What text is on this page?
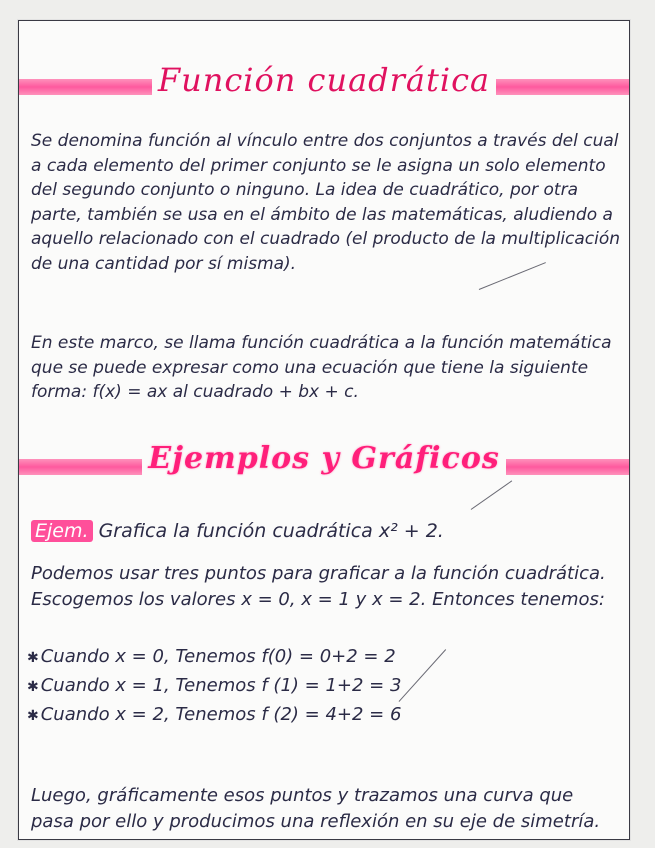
Función cuadrática
Se denomina función al vínculo entre dos conjuntos a través del cual a cada elemento del primer conjunto se le asigna un solo elemento del segundo conjunto o ninguno. La idea de cuadrático, por otra parte, también se usa en el ámbito de las matemáticas, aludiendo a aquello relacionado con el cuadrado (el producto de la multiplicación de una cantidad por sí misma).
En este marco, se llama función cuadrática a la función matemática que se puede expresar como una ecuación que tiene la siguiente forma: f(x) = ax al cuadrado + bx + c.
Ejemplos y Gráficos
Ejem. Grafica la función cuadrática x² + 2.
Podemos usar tres puntos para graficar a la función cuadrática. Escogemos los valores x = 0, x = 1 y x = 2. Entonces tenemos:
✱ Cuando x = 0, Tenemos f(0) = 0+2 = 2
✱ Cuando x = 1, Tenemos f (1) = 1+2 = 3
✱ Cuando x = 2, Tenemos f (2) = 4+2 = 6
Luego, gráficamente esos puntos y trazamos una curva que pasa por ello y producimos una reflexión en su eje de simetría.
